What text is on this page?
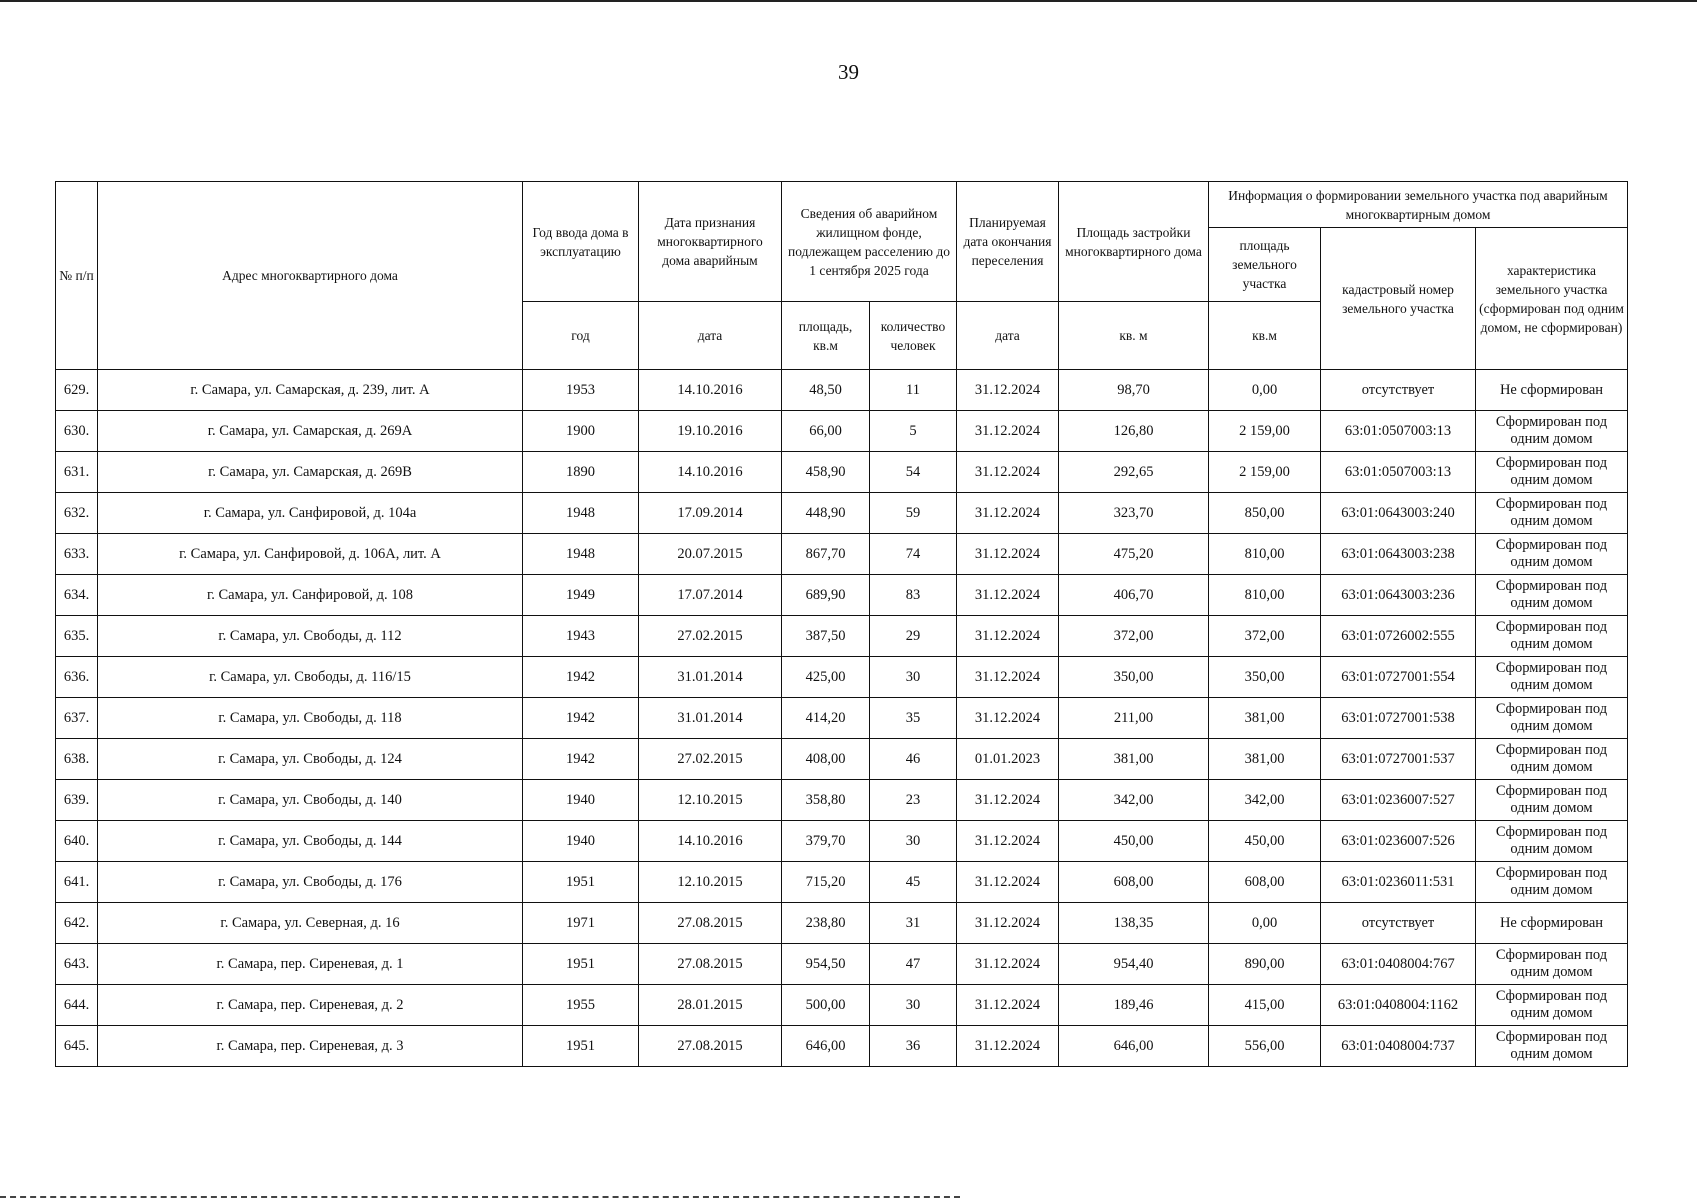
39
№ п/п	Адрес многоквартирного дома	Год ввода дома в эксплуатацию	Дата признания многоквартирного дома аварийным	Сведения об аварийном жилищном фонде, подлежащем расселению до 1 сентября 2025 года		Планируемая дата окончания переселения	Площадь застройки многоквартирного дома	Информация о формировании земельного участка под аварийным многоквартирным домом		
								площадь земельного участка	кадастровый номер земельного участка	характеристика земельного участка (сформирован под одним домом, не сформирован)
		год	дата	площадь, кв.м	количество человек	дата	кв. м	кв.м		
629.	г. Самара, ул. Самарская, д. 239, лит. А	1953	14.10.2016	48,50	11	31.12.2024	98,70	0,00	отсутствует	Не сформирован
630.	г. Самара, ул. Самарская, д. 269А	1900	19.10.2016	66,00	5	31.12.2024	126,80	2 159,00	63:01:0507003:13	Сформирован под одним домом
631.	г. Самара, ул. Самарская, д. 269В	1890	14.10.2016	458,90	54	31.12.2024	292,65	2 159,00	63:01:0507003:13	Сформирован под одним домом
632.	г. Самара, ул. Санфировой, д. 104а	1948	17.09.2014	448,90	59	31.12.2024	323,70	850,00	63:01:0643003:240	Сформирован под одним домом
633.	г. Самара, ул. Санфировой, д. 106А, лит. А	1948	20.07.2015	867,70	74	31.12.2024	475,20	810,00	63:01:0643003:238	Сформирован под одним домом
634.	г. Самара, ул. Санфировой, д. 108	1949	17.07.2014	689,90	83	31.12.2024	406,70	810,00	63:01:0643003:236	Сформирован под одним домом
635.	г. Самара, ул. Свободы, д. 112	1943	27.02.2015	387,50	29	31.12.2024	372,00	372,00	63:01:0726002:555	Сформирован под одним домом
636.	г. Самара, ул. Свободы, д. 116/15	1942	31.01.2014	425,00	30	31.12.2024	350,00	350,00	63:01:0727001:554	Сформирован под одним домом
637.	г. Самара, ул. Свободы, д. 118	1942	31.01.2014	414,20	35	31.12.2024	211,00	381,00	63:01:0727001:538	Сформирован под одним домом
638.	г. Самара, ул. Свободы, д. 124	1942	27.02.2015	408,00	46	01.01.2023	381,00	381,00	63:01:0727001:537	Сформирован под одним домом
639.	г. Самара, ул. Свободы, д. 140	1940	12.10.2015	358,80	23	31.12.2024	342,00	342,00	63:01:0236007:527	Сформирован под одним домом
640.	г. Самара, ул. Свободы, д. 144	1940	14.10.2016	379,70	30	31.12.2024	450,00	450,00	63:01:0236007:526	Сформирован под одним домом
641.	г. Самара, ул. Свободы, д. 176	1951	12.10.2015	715,20	45	31.12.2024	608,00	608,00	63:01:0236011:531	Сформирован под одним домом
642.	г. Самара, ул. Северная, д. 16	1971	27.08.2015	238,80	31	31.12.2024	138,35	0,00	отсутствует	Не сформирован
643.	г. Самара, пер. Сиреневая, д. 1	1951	27.08.2015	954,50	47	31.12.2024	954,40	890,00	63:01:0408004:767	Сформирован под одним домом
644.	г. Самара, пер. Сиреневая, д. 2	1955	28.01.2015	500,00	30	31.12.2024	189,46	415,00	63:01:0408004:1162	Сформирован под одним домом
645.	г. Самара, пер. Сиреневая, д. 3	1951	27.08.2015	646,00	36	31.12.2024	646,00	556,00	63:01:0408004:737	Сформирован под одним домом
